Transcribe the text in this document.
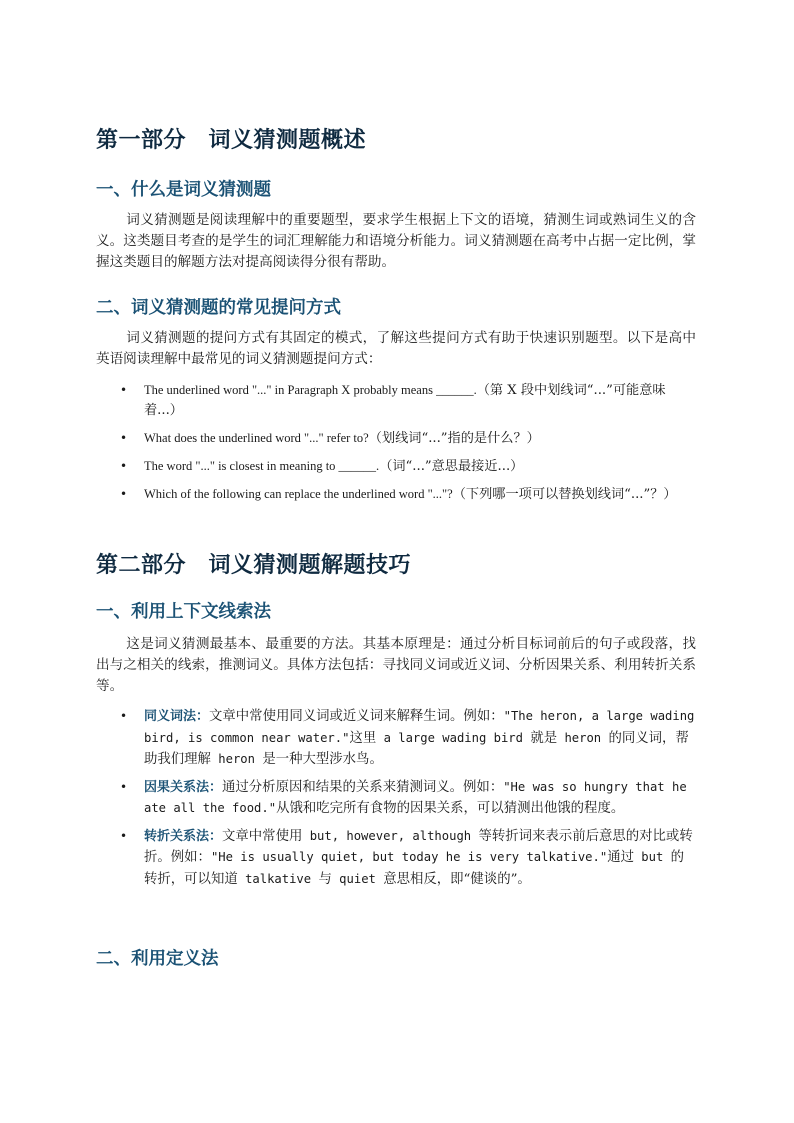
第一部分　词义猜测题概述
一、什么是词义猜测题

词义猜测题是阅读理解中的重要题型，要求学生根据上下文的语境，猜测生词或熟词生义的含义。这类题目考查的是学生的词汇理解能力和语境分析能力。词义猜测题在高考中占据一定比例，掌握这类题目的解题方法对提高阅读得分很有帮助。

二、词义猜测题的常见提问方式

词义猜测题的提问方式有其固定的模式，了解这些提问方式有助于快速识别题型。以下是高中英语阅读理解中最常见的词义猜测题提问方式：

• The underlined word "..." in Paragraph X probably means ______.（第 X 段中划线词“...”可能意味着...）
• What does the underlined word "..." refer to?（划线词“...”指的是什么？）
• The word "..." is closest in meaning to ______.（词“...”意思最接近...）
• Which of the following can replace the underlined word "..."?（下列哪一项可以替换划线词“...”？）
第二部分　词义猜测题解题技巧
一、利用上下文线索法

这是词义猜测最基本、最重要的方法。其基本原理是：通过分析目标词前后的句子或段落，找出与之相关的线索，推测词义。具体方法包括：寻找同义词或近义词、分析因果关系、利用转折关系等。

• 同义词法：文章中常使用同义词或近义词来解释生词。例如："The heron, a large wading bird, is common near water."这里 a large wading bird 就是 heron 的同义词，帮助我们理解 heron 是一种大型涉水鸟。
• 因果关系法：通过分析原因和结果的关系来猜测词义。例如："He was so hungry that he ate all the food."从饿和吃完所有食物的因果关系，可以猜测出他饿的程度。
• 转折关系法：文章中常使用 but, however, although 等转折词来表示前后意思的对比或转折。例如："He is usually quiet, but today he is very talkative."通过 but 的转折，可以知道 talkative 与 quiet 意思相反，即“健谈的”。
二、利用定义法
